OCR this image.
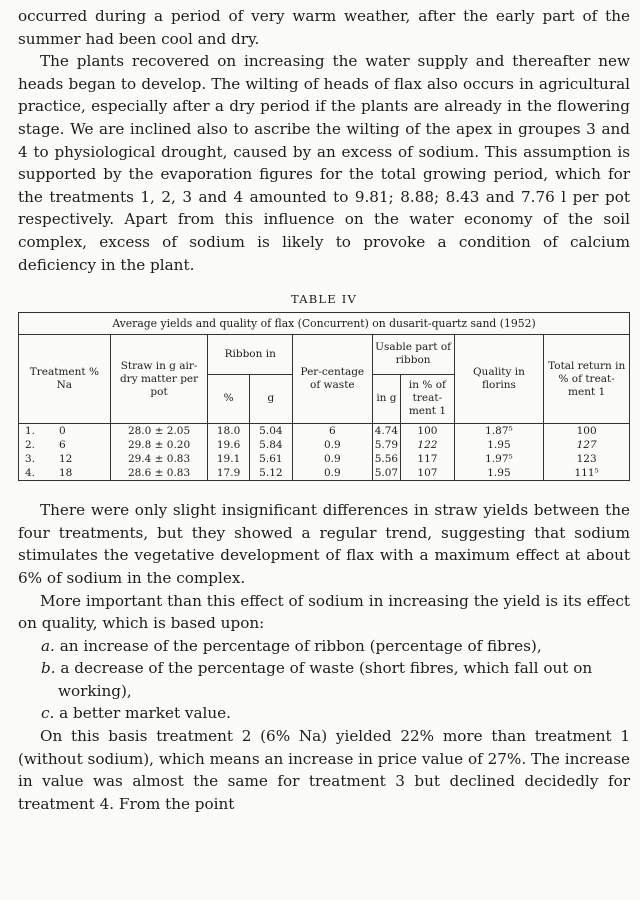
occurred during a period of very warm weather, after the early part of the summer had been cool and dry.

The plants recovered on increasing the water supply and thereafter new heads began to develop. The wilting of heads of flax also occurs in agricultural practice, especially after a dry period if the plants are already in the flowering stage. We are inclined also to ascribe the wilting of the apex in groupes 3 and 4 to physiological drought, caused by an excess of sodium. This assumption is supported by the evaporation figures for the total growing period, which for the treatments 1, 2, 3 and 4 amounted to 9.81; 8.88; 8.43 and 7.76 l per pot respectively. Apart from this influence on the water economy of the soil complex, excess of sodium is likely to provoke a condition of calcium deficiency in the plant.

TABLE IV
Average yields and quality of flax (Concurrent) on dusarit-quartz sand (1952)
Treatment % Na	Straw in g air-dry matter per pot	Ribbon in		Per-centage of waste	Usable part of ribbon		Quality in florins	Total return in % of treat-ment 1
		%	g		in g	in % of treat-ment 1		
1. 0	28.0 ± 2.05	18.0	5.04	6	4.74	100	1.87⁵	100
2. 6	29.8 ± 0.20	19.6	5.84	0.9	5.79	122	1.95	127
3. 12	29.4 ± 0.83	19.1	5.61	0.9	5.56	117	1.97⁵	123
4. 18	28.6 ± 0.83	17.9	5.12	0.9	5.07	107	1.95	111⁵

There were only slight insignificant differences in straw yields between the four treatments, but they showed a regular trend, suggesting that sodium stimulates the vegetative development of flax with a maximum effect at about 6% of sodium in the complex.

More important than this effect of sodium in increasing the yield is its effect on quality, which is based upon:

a. an increase of the percentage of ribbon (percentage of fibres),

b. a decrease of the percentage of waste (short fibres, which fall out on working),

c. a better market value.

On this basis treatment 2 (6% Na) yielded 22% more than treatment 1 (without sodium), which means an increase in price value of 27%. The increase in value was almost the same for treatment 3 but declined decidedly for treatment 4. From the point
